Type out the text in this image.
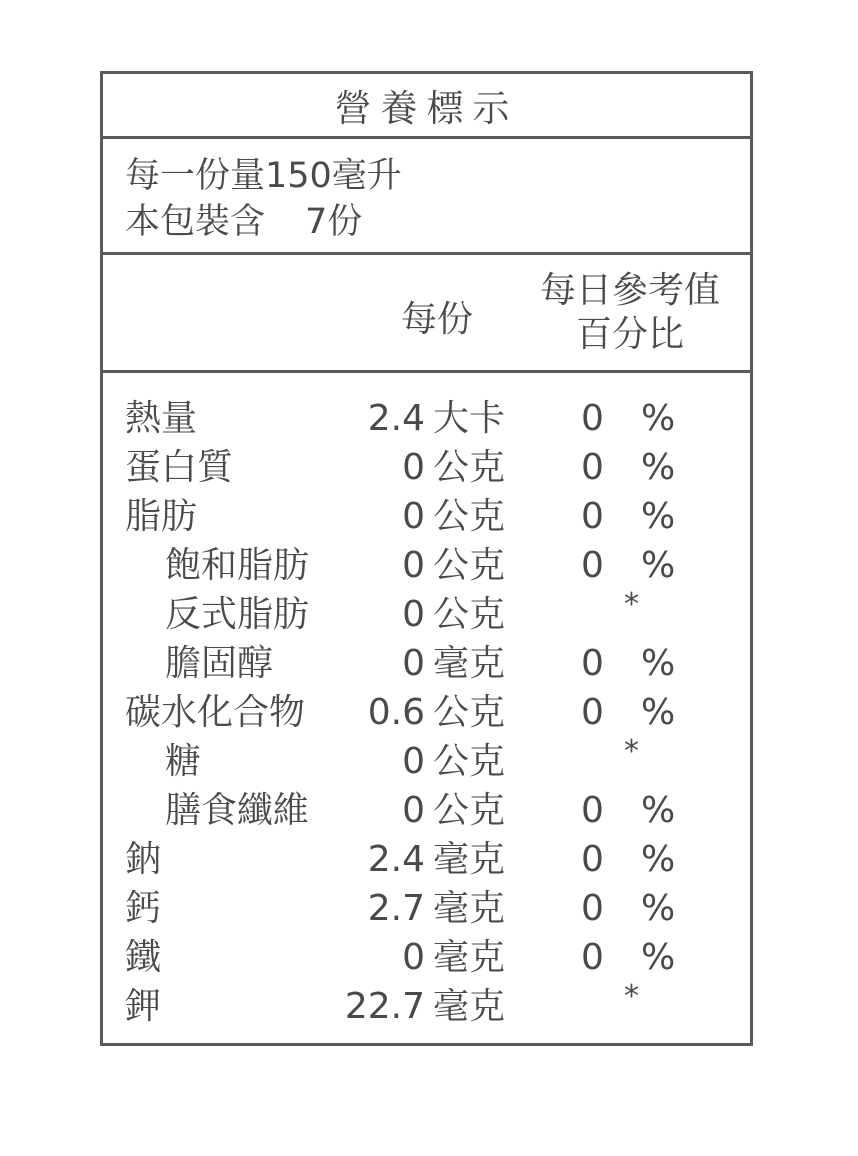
營養標示
每一份量150毫升
本包裝含 7份
每份
每日參考值
百分比
熱量	2.4 大卡 0 %
蛋白質	0 公克 0 %
脂肪	0 公克 0 %
飽和脂肪	0 公克 0 %
反式脂肪	0 公克	*
膽固醇	0 毫克 0 %
碳水化合物	0.6 公克 0 %
糖	0 公克	*
膳食纖維	0 公克 0 %
鈉	2.4 毫克 0 %
鈣	2.7 毫克 0 %
鐵	0 毫克 0 %
鉀	22.7 毫克	*
